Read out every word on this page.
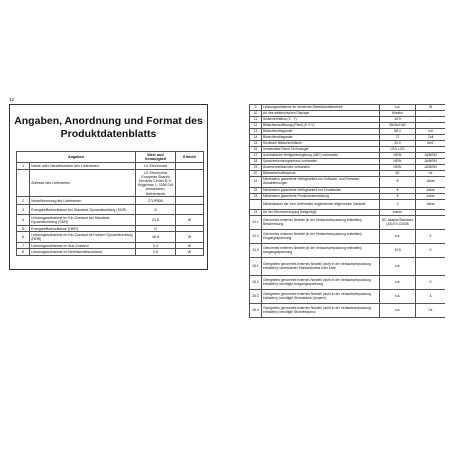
12
Angaben, Anordnung und Format des
Produktdatenblatts
Angaben		Wert und Genauigkeit	Einheit
1	Name oder Handelsmarke des Lieferanten	LG Electronics	
	Adresse des Lieferanten	LG Electronics European Shared Services Center B.V., Krijgsman 1, 1186 DM Amstelveen, Netherlands	
2	Modellkennung des Lieferanten	27UP850	
3	Energieeffizienzklasse bei Standard-Dynamikumfang (SDR)	G	
4	Leistungsaufnahme im Ein-Zustand bei Standard-Dynamikumfang (SDR)	21.6	W
5	Energieeffizienzklasse (HDR)	G	
6	Leistungsaufnahme im Ein-Zustand bei hohem Dynamikumfang (HDR)	46.8	W
7	Leistungsaufnahme im Aus-Zustand	0.3	W
8	Leistungsaufnahme im Bereitschaftszustand	0.5	W
9	Leistungsaufnahme im vernetzten Bereitschaftsbetrieb	n.a.	W
10	Art des elektronischen Displays	Monitor	
11	Seitenverhältnis (X : Y)	16:9	-
12	Bildschirmauflösung (Pixel) (H X V)	3840x2160	
13	Bildschirmdiagonale	68.4	cm
14	Bildschirmdiagonale	27	Zoll
15	Sichtbare Bildschirmfläche	20.0	dm2
16	Verwendete Panel-Technologie	LED LCD	
17	Automatische Helligkeitsregelung (ABC) vorhanden	NEIN	JA/NEIN
18	Spracherkennungssensor vorhanden	NEIN	JA/NEIN
19	Anwesenheitssensor vorhanden	NEIN	JA/NEIN
20	Bildwiederholfrequenz	60	Hz
21	Mindestens garantierte Verfügbarkeit von Software- und Firmware-Aktualisierungen	8	Jahre
22	Mindestens garantierte Verfügbarkeit von Ersatzteilen	8	Jahre
23	Mindestens garantierte Produktunterstützung	8	Jahre
	Mindestdauer der vom Lieferanten angebotenen allgemeinen Garantie	3	Jahre
24	Art der Stromversorgung (beitgelegt)	extern	
24.1	Genormtes externes Netzteil (in der Verkaufsverpackung enthalten); Beschreibung	DC adaptor/Standard (2A) KV-C0008	
24.2	Genormtes externes Netzteil (in der Verkaufsverpackung enthalten); Eingangsspannung	n.a.	V
24.3	Genormtes externes Netzteil (in der Verkaufsverpackung enthalten); Ausgangsspannung	19.5	V
26.1	Geeignetes genormtes externes Netzteil (nicht in der Verkaufsverpackung enthalten); unterstützter Standardname oder Liste	n.a.	
26.2	Geeignetes genormtes externes Netzteil (nicht in der Verkaufsverpackung enthalten); benötigte Ausgangsspannung	n.a.	V
26.3	Geeignetes genormtes externes Netzteil (nicht in der Verkaufsverpackung enthalten); benötigte Stromstärke (Ampere)	n.a.	A
26.4	Geeignetes genormtes externes Netzteil (nicht in der Verkaufsverpackung enthalten); benötigte Stromfrequenz	n.a.	Hz
